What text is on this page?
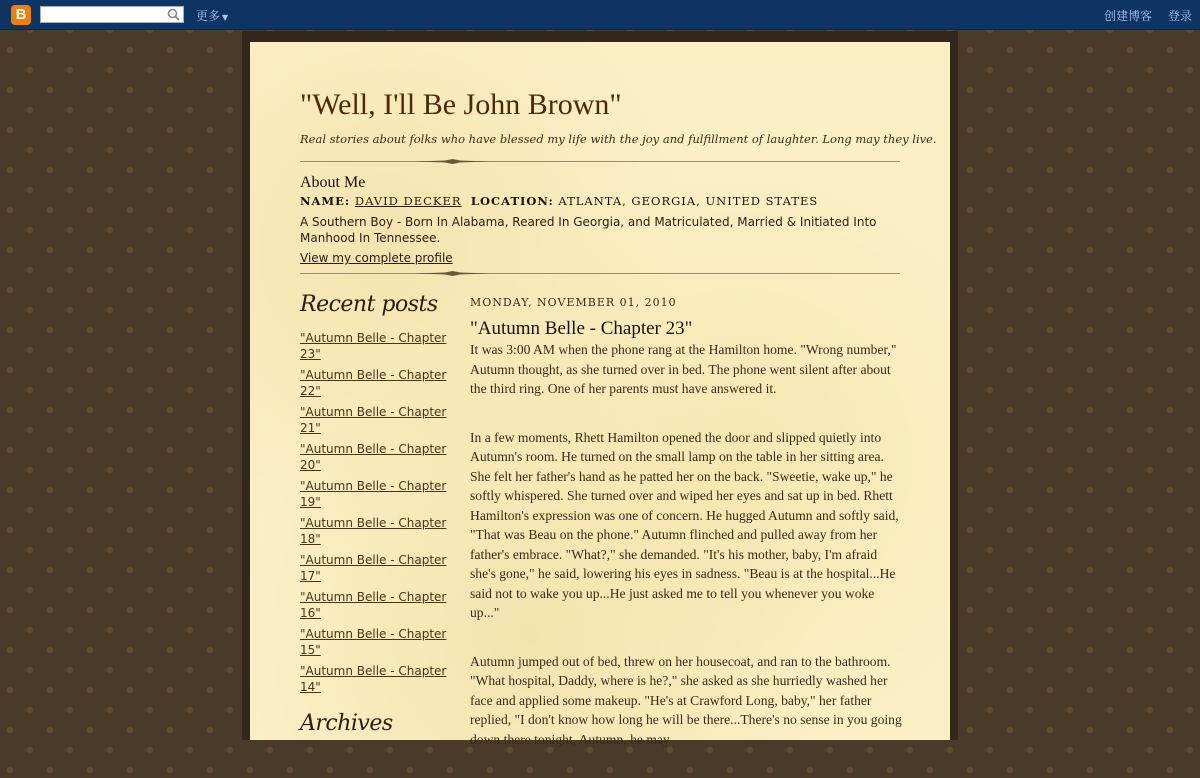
B	更多 ▼	创建博客 登录
"Well, I'll Be John Brown"
Real stories about folks who have blessed my life with the joy and fulfillment of laughter. Long may they live.
About Me
NAME: DAVID DECKER LOCATION: ATLANTA, GEORGIA, UNITED STATES
A Southern Boy - Born In Alabama, Reared In Georgia, and Matriculated, Married & Initiated Into Manhood In Tennessee.
View my complete profile
Recent posts
"Autumn Belle - Chapter 23"
"Autumn Belle - Chapter 22"
"Autumn Belle - Chapter 21"
"Autumn Belle - Chapter 20"
"Autumn Belle - Chapter 19"
"Autumn Belle - Chapter 18"
"Autumn Belle - Chapter 17"
"Autumn Belle - Chapter 16"
"Autumn Belle - Chapter 15"
"Autumn Belle - Chapter 14"
Archives
MONDAY, NOVEMBER 01, 2010
"Autumn Belle - Chapter 23"

It was 3:00 AM when the phone rang at the Hamilton home. "Wrong number," Autumn thought, as she turned over in bed. The phone went silent after about the third ring. One of her parents must have answered it.

In a few moments, Rhett Hamilton opened the door and slipped quietly into Autumn's room. He turned on the small lamp on the table in her sitting area. She felt her father's hand as he patted her on the back. "Sweetie, wake up," he softly whispered. She turned over and wiped her eyes and sat up in bed. Rhett Hamilton's expression was one of concern. He hugged Autumn and softly said, "That was Beau on the phone." Autumn flinched and pulled away from her father's embrace. "What?," she demanded. "It's his mother, baby, I'm afraid she's gone," he said, lowering his eyes in sadness. "Beau is at the hospital...He said not to wake you up...He just asked me to tell you whenever you woke up..."

Autumn jumped out of bed, threw on her housecoat, and ran to the bathroom. "What hospital, Daddy, where is he?," she asked as she hurriedly washed her face and applied some makeup. "He's at Crawford Long, baby," her father replied, "I don't know how long he will be there...There's no sense in you going down there tonight, Autumn, he may
